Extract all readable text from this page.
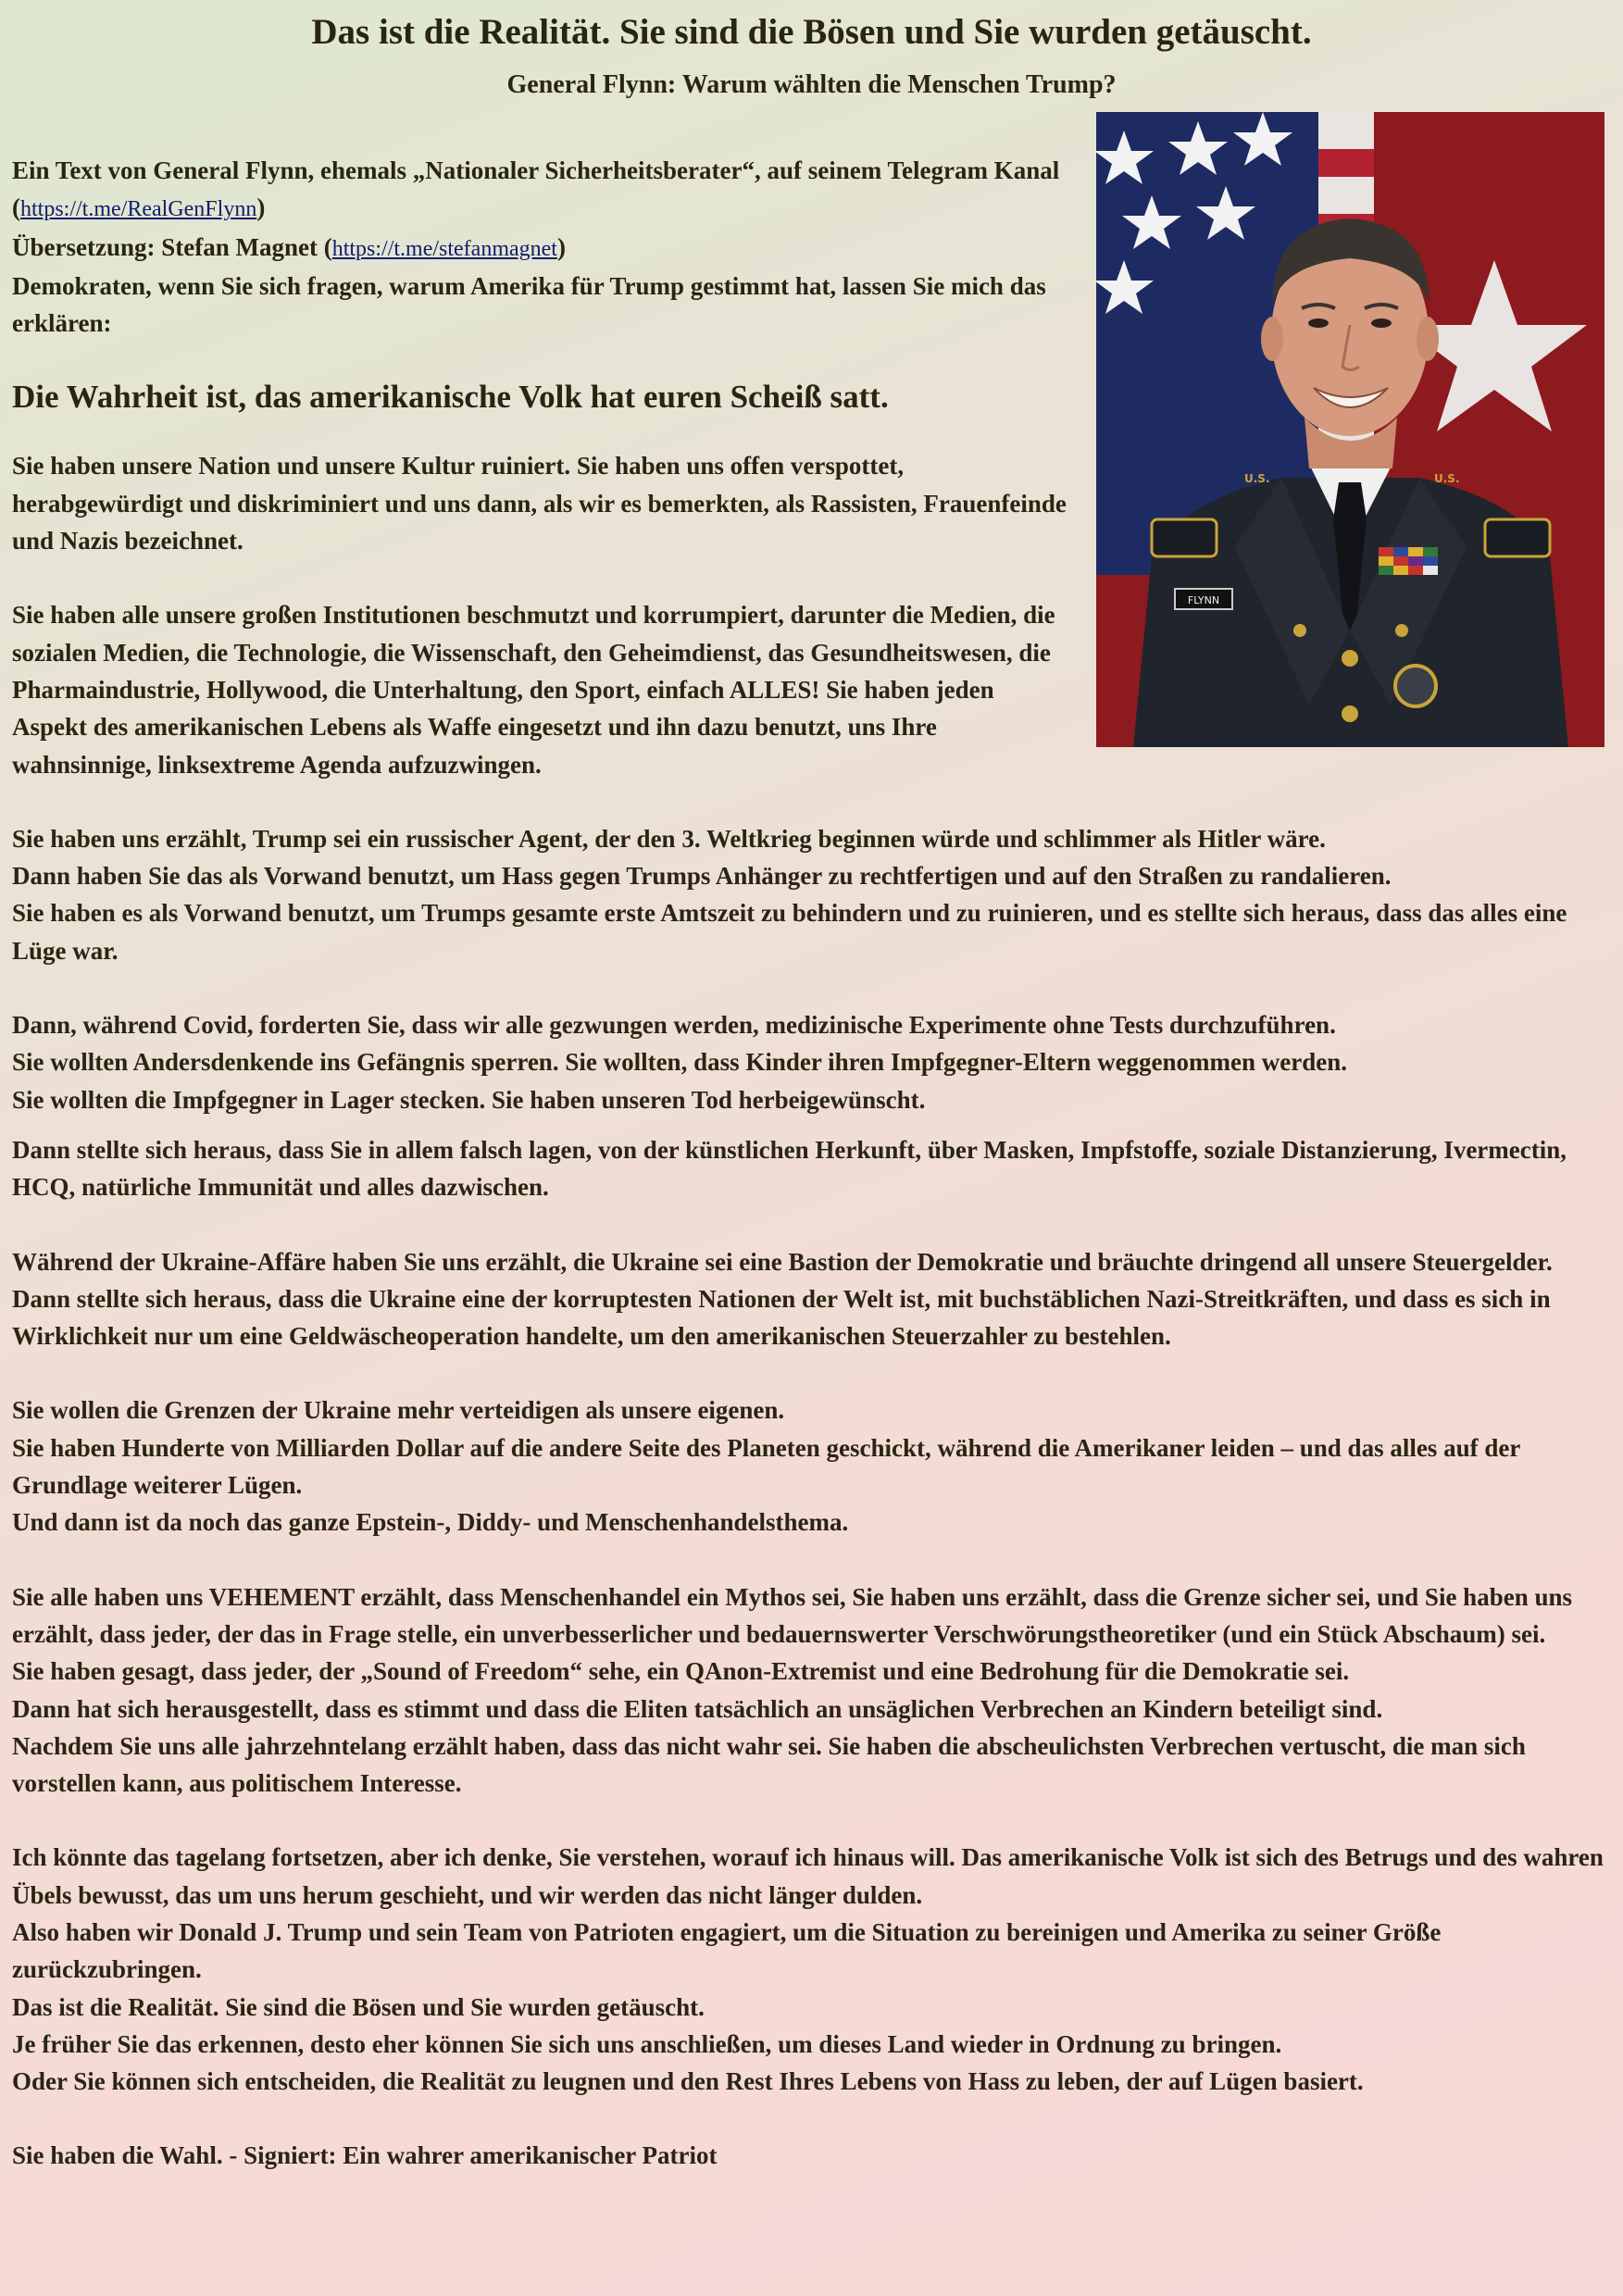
Das ist die Realität. Sie sind die Bösen und Sie wurden getäuscht.
General Flynn: Warum wählten die Menschen Trump?
FLYNN
U.S.	U.S.

Ein Text von General Flynn, ehemals „Nationaler Sicherheitsberater“, auf seinem Telegram Kanal (https://t.me/RealGenFlynn)

Übersetzung: Stefan Magnet (https://t.me/stefanmagnet)

Demokraten, wenn Sie sich fragen, warum Amerika für Trump gestimmt hat, lassen Sie mich das erklären:

Die Wahrheit ist, das amerikanische Volk hat euren Scheiß satt.

Sie haben unsere Nation und unsere Kultur ruiniert. Sie haben uns offen verspottet, herabgewürdigt und diskriminiert und uns dann, als wir es bemerkten, als Rassisten, Frauenfeinde und Nazis bezeichnet.

Sie haben alle unsere großen Institutionen beschmutzt und korrumpiert, darunter die Medien, die sozialen Medien, die Technologie, die Wissenschaft, den Geheimdienst, das Gesundheitswesen, die Pharmaindustrie, Hollywood, die Unterhaltung, den Sport, einfach ALLES! Sie haben jeden Aspekt des amerikanischen Lebens als Waffe eingesetzt und ihn dazu benutzt, uns Ihre wahnsinnige, linksextreme Agenda aufzuzwingen.

Sie haben uns erzählt, Trump sei ein russischer Agent, der den 3. Weltkrieg beginnen würde und schlimmer als Hitler wäre.

Dann haben Sie das als Vorwand benutzt, um Hass gegen Trumps Anhänger zu rechtfertigen und auf den Straßen zu randalieren.

Sie haben es als Vorwand benutzt, um Trumps gesamte erste Amtszeit zu behindern und zu ruinieren, und es stellte sich heraus, dass das alles eine Lüge war.

Dann, während Covid, forderten Sie, dass wir alle gezwungen werden, medizinische Experimente ohne Tests durchzuführen.

Sie wollten Andersdenkende ins Gefängnis sperren. Sie wollten, dass Kinder ihren Impfgegner-Eltern weggenommen werden.

Sie wollten die Impfgegner in Lager stecken. Sie haben unseren Tod herbeigewünscht.

Dann stellte sich heraus, dass Sie in allem falsch lagen, von der künstlichen Herkunft, über Masken, Impfstoffe, soziale Distanzierung, Ivermectin, HCQ, natürliche Immunität und alles dazwischen.

Während der Ukraine-Affäre haben Sie uns erzählt, die Ukraine sei eine Bastion der Demokratie und bräuchte dringend all unsere Steuergelder. Dann stellte sich heraus, dass die Ukraine eine der korruptesten Nationen der Welt ist, mit buchstäblichen Nazi-Streitkräften, und dass es sich in Wirklichkeit nur um eine Geldwäscheoperation handelte, um den amerikanischen Steuerzahler zu bestehlen.

Sie wollen die Grenzen der Ukraine mehr verteidigen als unsere eigenen.

Sie haben Hunderte von Milliarden Dollar auf die andere Seite des Planeten geschickt, während die Amerikaner leiden – und das alles auf der Grundlage weiterer Lügen.

Und dann ist da noch das ganze Epstein-, Diddy- und Menschenhandelsthema.

Sie alle haben uns VEHEMENT erzählt, dass Menschenhandel ein Mythos sei, Sie haben uns erzählt, dass die Grenze sicher sei, und Sie haben uns erzählt, dass jeder, der das in Frage stelle, ein unverbesserlicher und bedauernswerter Verschwörungstheoretiker (und ein Stück Abschaum) sei.

Sie haben gesagt, dass jeder, der „Sound of Freedom“ sehe, ein QAnon-Extremist und eine Bedrohung für die Demokratie sei.

Dann hat sich herausgestellt, dass es stimmt und dass die Eliten tatsächlich an unsäglichen Verbrechen an Kindern beteiligt sind.

Nachdem Sie uns alle jahrzehntelang erzählt haben, dass das nicht wahr sei. Sie haben die abscheulichsten Verbrechen vertuscht, die man sich vorstellen kann, aus politischem Interesse.

Ich könnte das tagelang fortsetzen, aber ich denke, Sie verstehen, worauf ich hinaus will. Das amerikanische Volk ist sich des Betrugs und des wahren Übels bewusst, das um uns herum geschieht, und wir werden das nicht länger dulden.

Also haben wir Donald J. Trump und sein Team von Patrioten engagiert, um die Situation zu bereinigen und Amerika zu seiner Größe zurückzubringen.

Das ist die Realität. Sie sind die Bösen und Sie wurden getäuscht.

Je früher Sie das erkennen, desto eher können Sie sich uns anschließen, um dieses Land wieder in Ordnung zu bringen.

Oder Sie können sich entscheiden, die Realität zu leugnen und den Rest Ihres Lebens von Hass zu leben, der auf Lügen basiert.

Sie haben die Wahl. - Signiert: Ein wahrer amerikanischer Patriot
